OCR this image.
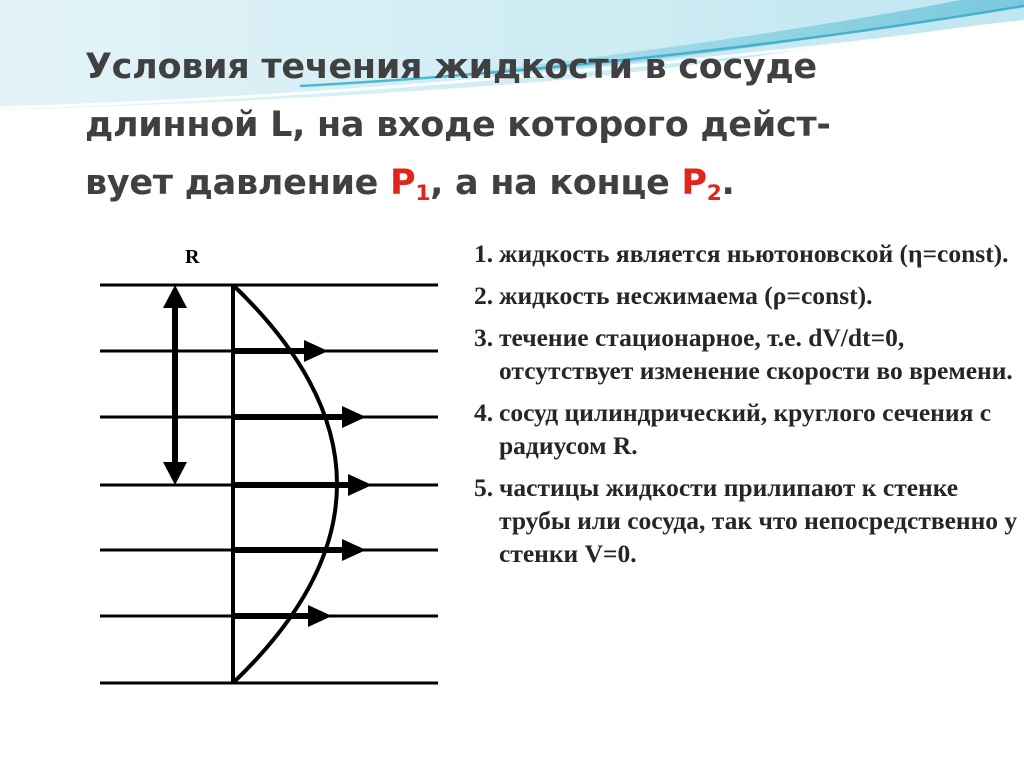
Условия течения жидкости в сосуде
длинной L, на входе которого дейст-
вует давление $P_1$, а на конце $P_2$.
R	1. жидкость является ньютоновской (η=const).
2. жидкость несжимаема (ρ=const).
3. течение стационарное, т.е. dV/dt=0, отсутствует изменение скорости во времени.
4. сосуд цилиндрический, круглого сечения с радиусом R.
5. частицы жидкости прилипают к стенке трубы или сосуда, так что непосредственно у стенки V=0.
